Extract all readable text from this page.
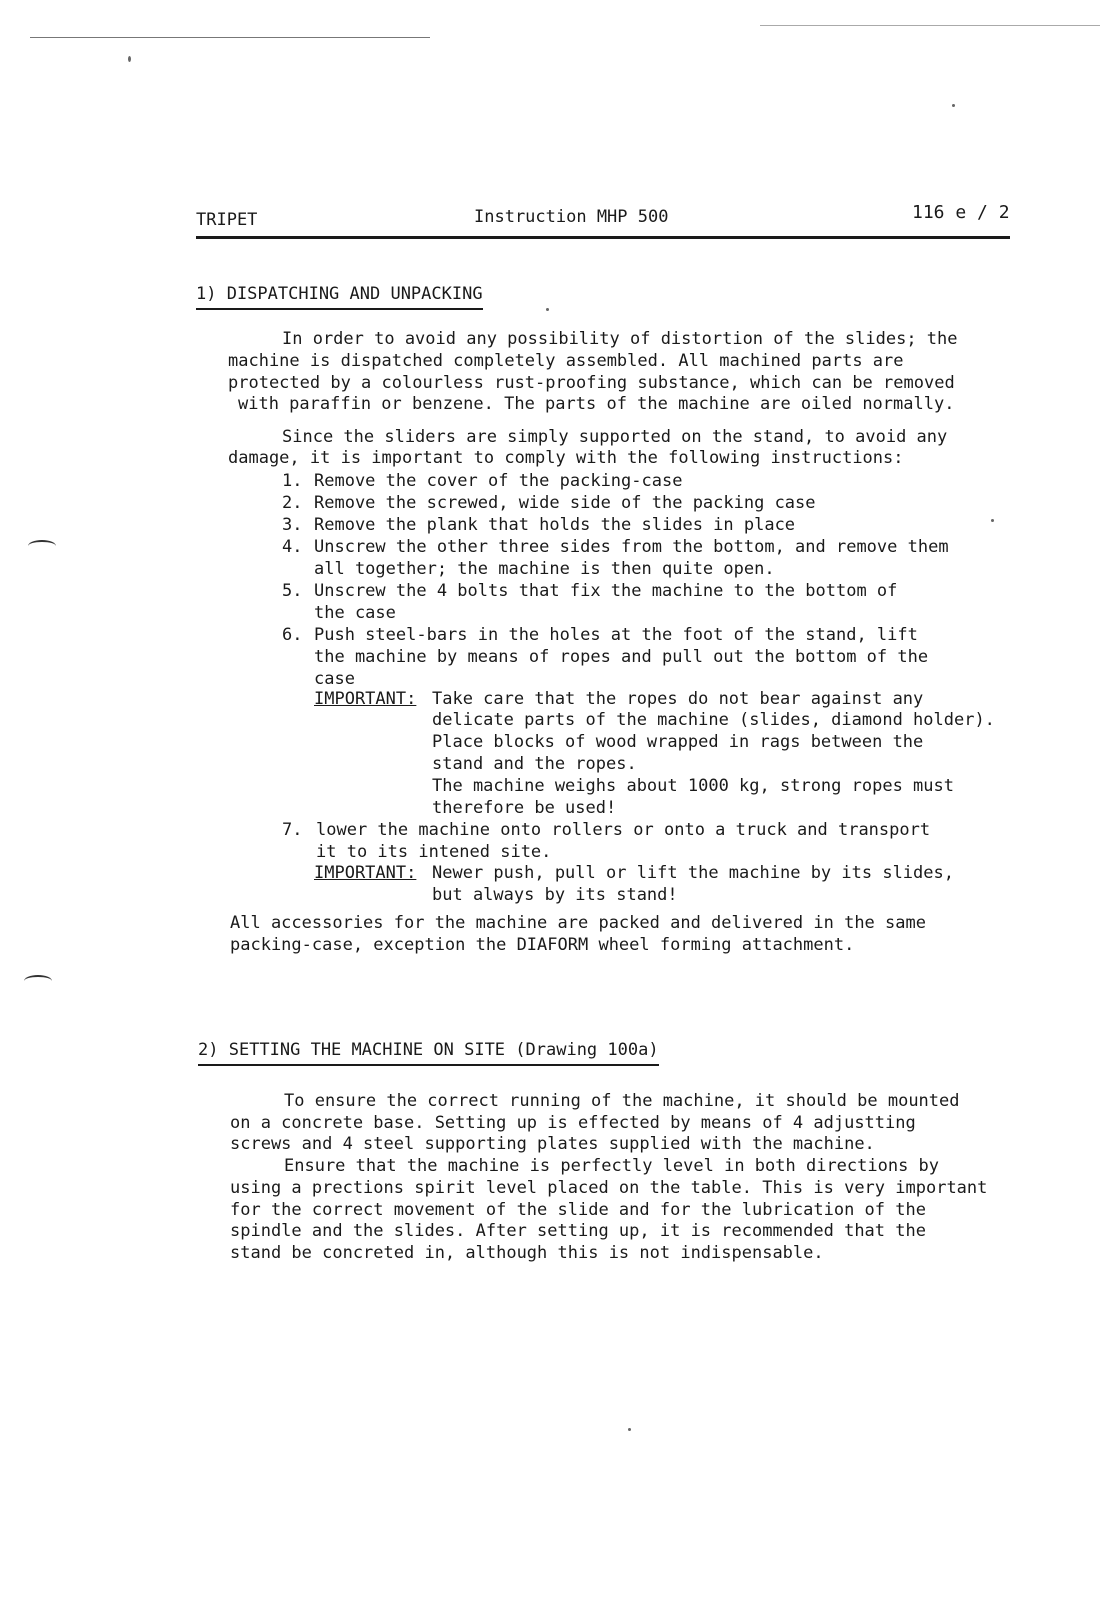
TRIPET	Instruction MHP 500	116 e / 2
1) DISPATCHING AND UNPACKING
In order to avoid any possibility of distortion of the slides; the
machine is dispatched completely assembled. All machined parts are
protected by a colourless rust-proofing substance, which can be removed
with paraffin or benzene. The parts of the machine are oiled normally.
Since the sliders are simply supported on the stand, to avoid any
damage, it is important to comply with the following instructions:
1. Remove the cover of the packing-case
2. Remove the screwed, wide side of the packing case
3. Remove the plank that holds the slides in place
4. Unscrew the other three sides from the bottom, and remove them
all together; the machine is then quite open.
5. Unscrew the 4 bolts that fix the machine to the bottom of
the case
6. Push steel-bars in the holes at the foot of the stand, lift
the machine by means of ropes and pull out the bottom of the
case
IMPORTANT: Take care that the ropes do not bear against any
delicate parts of the machine (slides, diamond holder).
Place blocks of wood wrapped in rags between the
stand and the ropes.
The machine weighs about 1000 kg, strong ropes must
therefore be used!
7. lower the machine onto rollers or onto a truck and transport
it to its intened site.
IMPORTANT: Newer push, pull or lift the machine by its slides,
but always by its stand!
All accessories for the machine are packed and delivered in the same
packing-case, exception the DIAFORM wheel forming attachment.
2) SETTING THE MACHINE ON SITE (Drawing 100a)
To ensure the correct running of the machine, it should be mounted
on a concrete base. Setting up is effected by means of 4 adjustting
screws and 4 steel supporting plates supplied with the machine.
Ensure that the machine is perfectly level in both directions by
using a prections spirit level placed on the table. This is very important
for the correct movement of the slide and for the lubrication of the
spindle and the slides. After setting up, it is recommended that the
stand be concreted in, although this is not indispensable.
